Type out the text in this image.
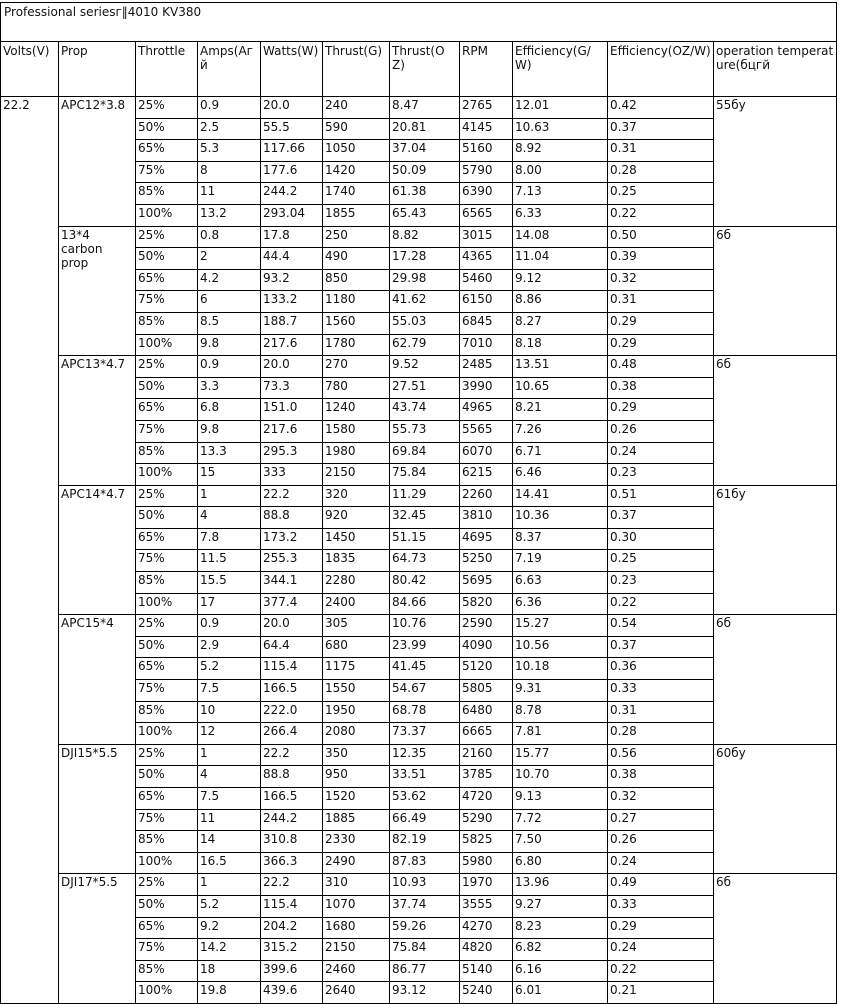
Professional seriesг‖4010 KV380										
Volts(V)	Prop	Throttle	Amps(Aгй	Watts(W)	Thrust(G)	Thrust(OZ)	RPM	Efficiency(G/W)	Efficiency(OZ/W)	operation temperature(бцгй
22.2	APC12*3.8	25%	0.9	20.0	240	8.47	2765	12.01	0.42	55бу
		50%	2.5	55.5	590	20.81	4145	10.63	0.37	
		65%	5.3	117.66	1050	37.04	5160	8.92	0.31	
		75%	8	177.6	1420	50.09	5790	8.00	0.28	
		85%	11	244.2	1740	61.38	6390	7.13	0.25	
		100%	13.2	293.04	1855	65.43	6565	6.33	0.22	
	13*4 carbon prop	25%	0.8	17.8	250	8.82	3015	14.08	0.50	6б
		50%	2	44.4	490	17.28	4365	11.04	0.39	
		65%	4.2	93.2	850	29.98	5460	9.12	0.32	
		75%	6	133.2	1180	41.62	6150	8.86	0.31	
		85%	8.5	188.7	1560	55.03	6845	8.27	0.29	
		100%	9.8	217.6	1780	62.79	7010	8.18	0.29	
	APC13*4.7	25%	0.9	20.0	270	9.52	2485	13.51	0.48	6б
		50%	3.3	73.3	780	27.51	3990	10.65	0.38	
		65%	6.8	151.0	1240	43.74	4965	8.21	0.29	
		75%	9.8	217.6	1580	55.73	5565	7.26	0.26	
		85%	13.3	295.3	1980	69.84	6070	6.71	0.24	
		100%	15	333	2150	75.84	6215	6.46	0.23	
	APC14*4.7	25%	1	22.2	320	11.29	2260	14.41	0.51	61бу
		50%	4	88.8	920	32.45	3810	10.36	0.37	
		65%	7.8	173.2	1450	51.15	4695	8.37	0.30	
		75%	11.5	255.3	1835	64.73	5250	7.19	0.25	
		85%	15.5	344.1	2280	80.42	5695	6.63	0.23	
		100%	17	377.4	2400	84.66	5820	6.36	0.22	
	APC15*4	25%	0.9	20.0	305	10.76	2590	15.27	0.54	6б
		50%	2.9	64.4	680	23.99	4090	10.56	0.37	
		65%	5.2	115.4	1175	41.45	5120	10.18	0.36	
		75%	7.5	166.5	1550	54.67	5805	9.31	0.33	
		85%	10	222.0	1950	68.78	6480	8.78	0.31	
		100%	12	266.4	2080	73.37	6665	7.81	0.28	
	DJI15*5.5	25%	1	22.2	350	12.35	2160	15.77	0.56	60бу
		50%	4	88.8	950	33.51	3785	10.70	0.38	
		65%	7.5	166.5	1520	53.62	4720	9.13	0.32	
		75%	11	244.2	1885	66.49	5290	7.72	0.27	
		85%	14	310.8	2330	82.19	5825	7.50	0.26	
		100%	16.5	366.3	2490	87.83	5980	6.80	0.24	
	DJI17*5.5	25%	1	22.2	310	10.93	1970	13.96	0.49	6б
		50%	5.2	115.4	1070	37.74	3555	9.27	0.33	
		65%	9.2	204.2	1680	59.26	4270	8.23	0.29	
		75%	14.2	315.2	2150	75.84	4820	6.82	0.24	
		85%	18	399.6	2460	86.77	5140	6.16	0.22	
		100%	19.8	439.6	2640	93.12	5240	6.01	0.21	
